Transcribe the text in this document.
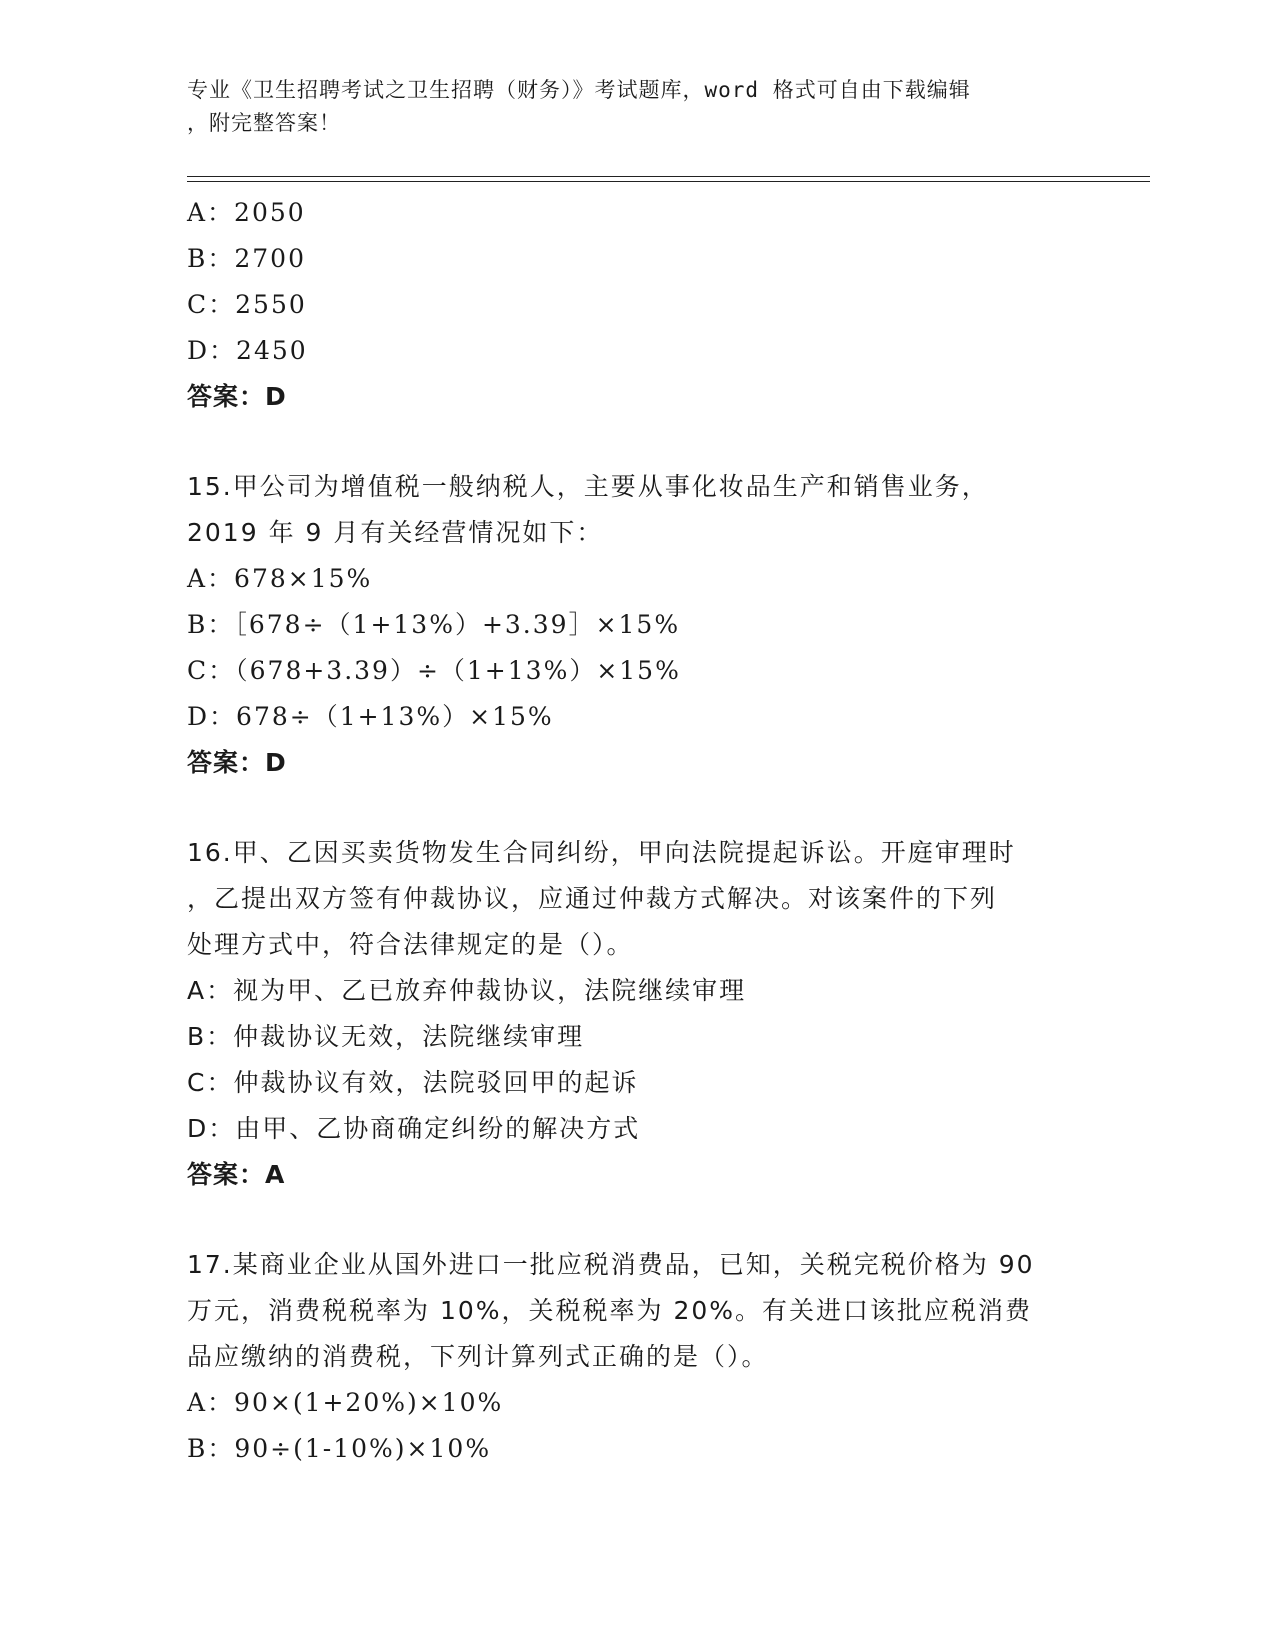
专业《卫生招聘考试之卫生招聘（财务）》考试题库，word 格式可自由下载编辑
，附完整答案！
A：2050
B：2700
C：2550
D：2450
答案：D
15.甲公司为增值税一般纳税人，主要从事化妆品生产和销售业务，
2019 年 9 月有关经营情况如下：
A：678×15%
B：［678÷（1+13%）+3.39］×15%
C：（678+3.39）÷（1+13%）×15%
D：678÷（1+13%）×15%
答案：D
16.甲、乙因买卖货物发生合同纠纷，甲向法院提起诉讼。开庭审理时
，乙提出双方签有仲裁协议，应通过仲裁方式解决。对该案件的下列
处理方式中，符合法律规定的是（）。
A：视为甲、乙已放弃仲裁协议，法院继续审理
B：仲裁协议无效，法院继续审理
C：仲裁协议有效，法院驳回甲的起诉
D：由甲、乙协商确定纠纷的解决方式
答案：A
17.某商业企业从国外进口一批应税消费品，已知，关税完税价格为 90
万元，消费税税率为 10%，关税税率为 20%。有关进口该批应税消费
品应缴纳的消费税，下列计算列式正确的是（）。
A：90×(1+20%)×10%
B：90÷(1-10%)×10%
